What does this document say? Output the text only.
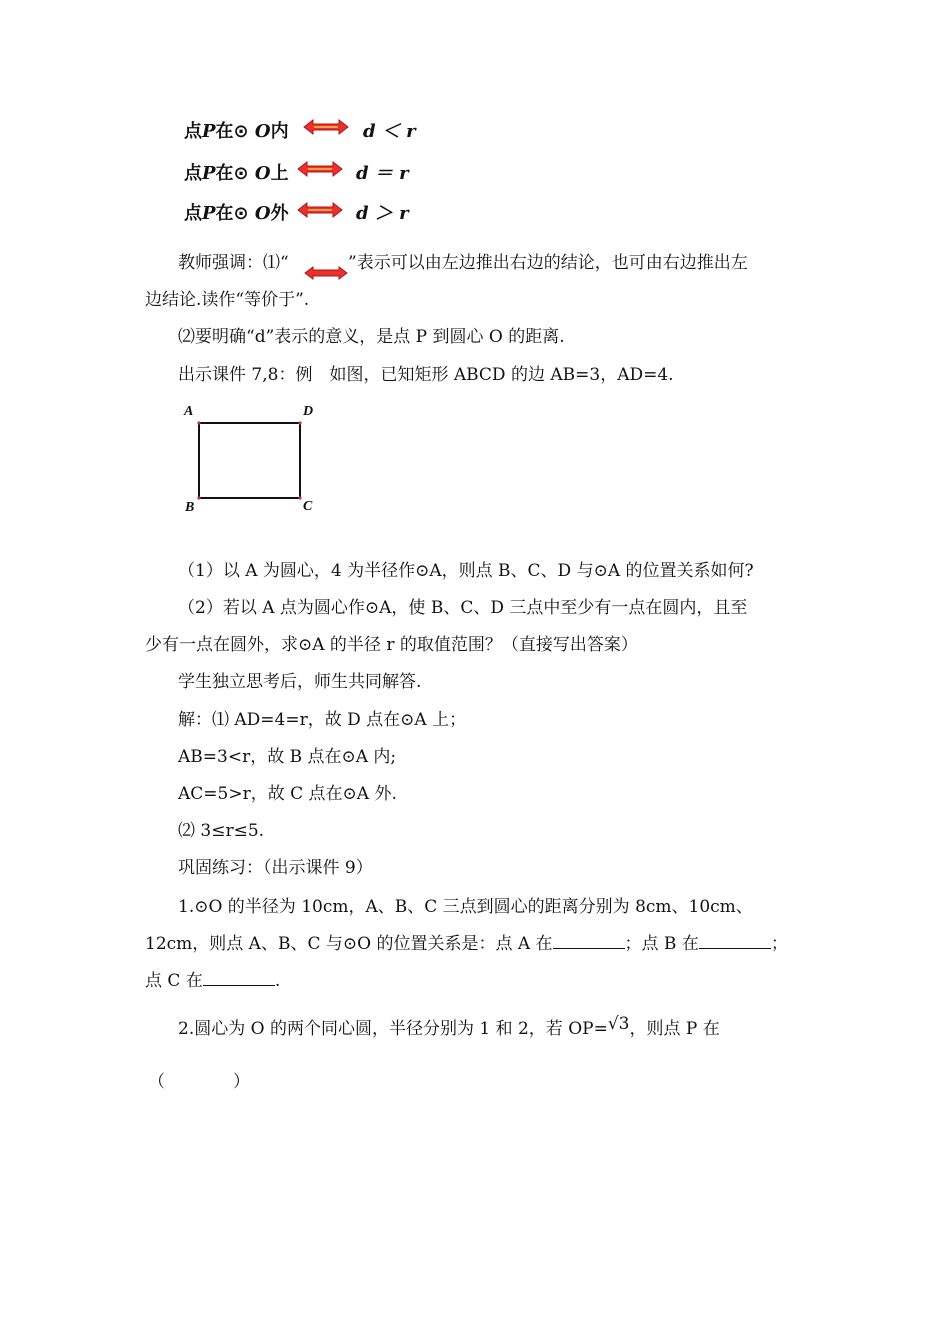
点P在⊙ O内	d ＜ r
点P在⊙ O上	d ＝ r
点P在⊙ O外	d ＞ r
教师强调：⑴“	”表示可以由左边推出右边的结论，也可由右边推出左
边结论.读作“等价于”.
⑵要明确“d”表示的意义，是点 P 到圆心 O 的距离.
出示课件 7,8：例　如图，已知矩形 ABCD 的边 AB=3，AD=4.
A	D
B	C
（1）以 A 为圆心，4 为半径作⊙A，则点 B、C、D 与⊙A 的位置关系如何?
（2）若以 A 点为圆心作⊙A，使 B、C、D 三点中至少有一点在圆内，且至
少有一点在圆外，求⊙A 的半径 r 的取值范围？（直接写出答案）
学生独立思考后，师生共同解答.
解：⑴ AD=4=r，故 D 点在⊙A 上；
AB=3<r，故 B 点在⊙A 内;
AC=5>r，故 C 点在⊙A 外.
⑵ 3≤r≤5.
巩固练习：（出示课件 9）
1.⊙O 的半径为 10cm，A、B、C 三点到圆心的距离分别为 8cm、10cm、
12cm，则点 A、B、C 与⊙O 的位置关系是：点 A 在	；点 B 在	；
点 C 在	.
2.圆心为 O 的两个同心圆，半径分别为 1 和 2，若 OP=√3，则点 P 在
（　　　　）
